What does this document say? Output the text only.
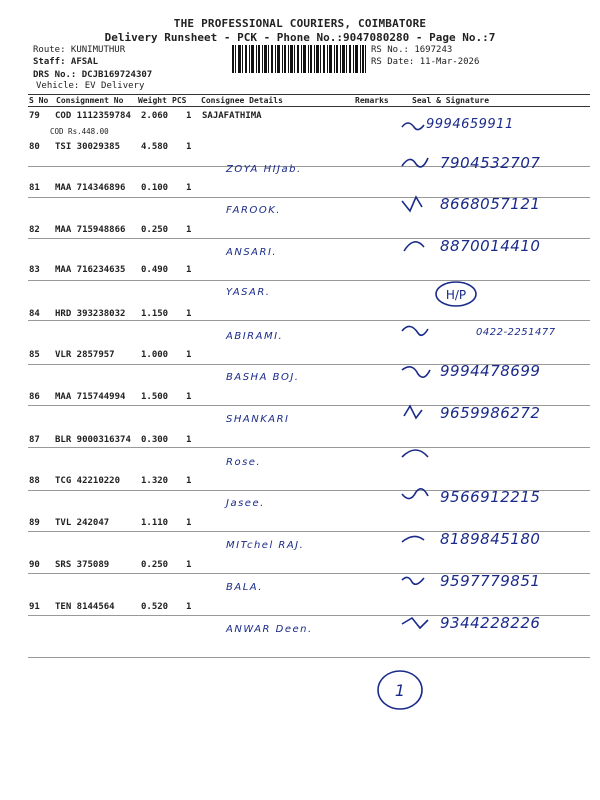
THE PROFESSIONAL COURIERS, COIMBATORE
Delivery Runsheet - PCK - Phone No.:9047080280 - Page No.:7
Route: KUNIMUTHUR
Staff: AFSAL
DRS No.: DCJB169724307
Vehicle: EV Delivery
RS No.: 1697243
RS Date: 11-Mar-2026
S No Consignment No Weight PCS Consignee Details	Remarks	Seal & Signature
79 COD 1112359784 2.060 1 SAJAFATHIMA
COD Rs.448.00	9994659911
80 TSI 30029385 4.580 1
ZOYA HIJab.	7904532707
81 MAA 714346896 0.100 1
FAROOK.	8668057121
82 MAA 715948866 0.250 1
ANSARI.	8870014410
83 MAA 716234635 0.490 1
YASAR.	H/P
84 HRD 393238032 1.150 1
ABIRAMI.	0422-2251477
85 VLR 2857957	1.000 1
BASHA BOJ.	9994478699
86 MAA 715744994 1.500 1
SHANKARI	9659986272
87 BLR 9000316374 0.300 1
Rose.
88 TCG 42210220 1.320 1
Jasee.	9566912215
89 TVL 242047	1.110 1
MITchel RAJ.	8189845180
90 SRS 375089	0.250 1
BALA.	9597779851
91 TEN 8144564	0.520 1
ANWAR Deen.	9344228226
1
